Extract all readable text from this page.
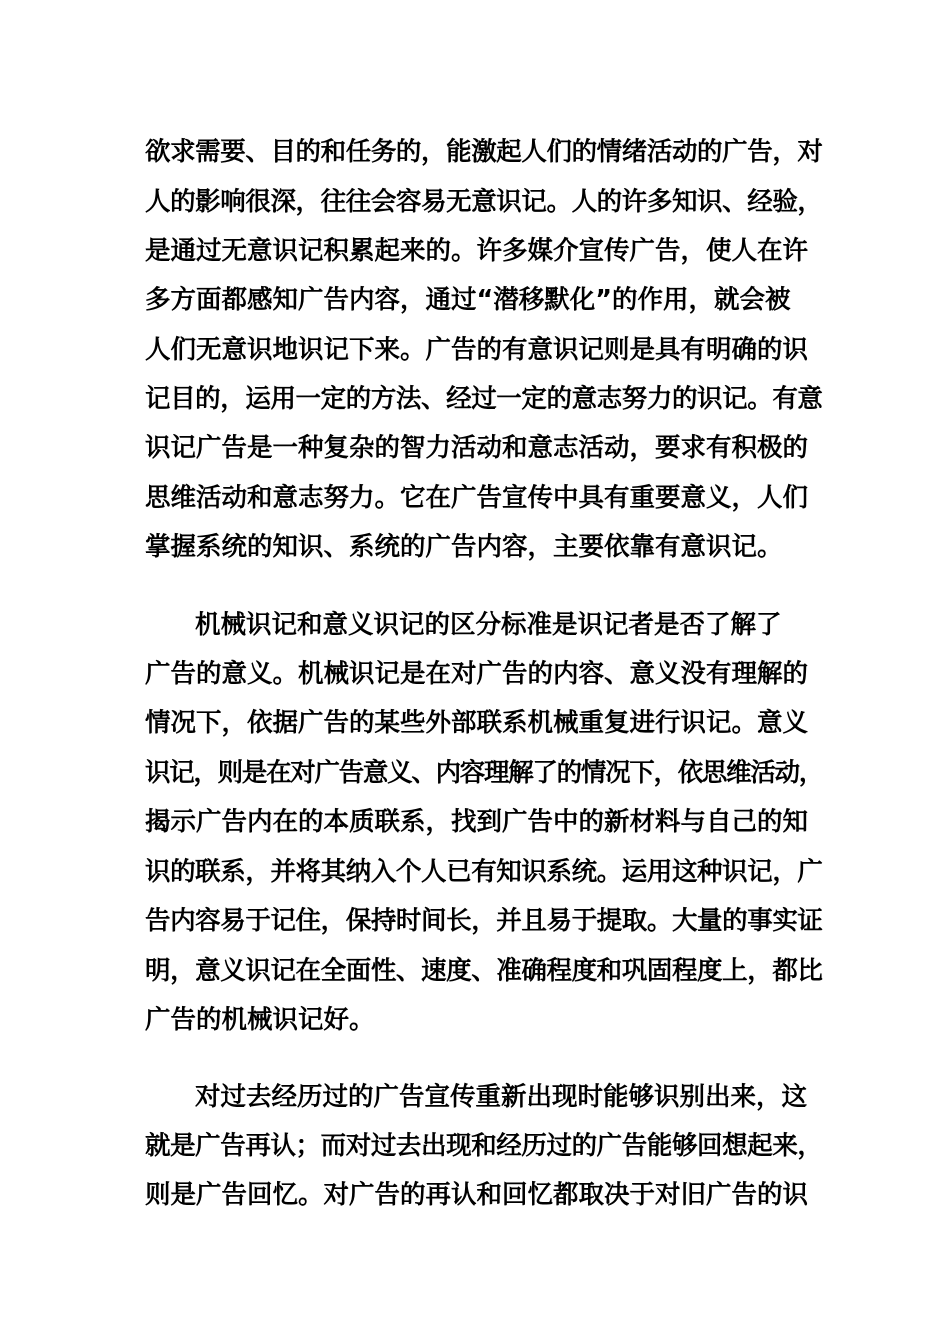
欲求需要、目的和任务的，能激起人们的情绪活动的广告，对
人的影响很深，往往会容易无意识记。人的许多知识、经验，
是通过无意识记积累起来的。许多媒介宣传广告，使人在许
多方面都感知广告内容，通过“潜移默化”的作用，就会被
人们无意识地识记下来。广告的有意识记则是具有明确的识
记目的，运用一定的方法、经过一定的意志努力的识记。有意
识记广告是一种复杂的智力活动和意志活动，要求有积极的
思维活动和意志努力。它在广告宣传中具有重要意义，人们
掌握系统的知识、系统的广告内容，主要依靠有意识记。
机械识记和意义识记的区分标准是识记者是否了解了
广告的意义。机械识记是在对广告的内容、意义没有理解的
情况下，依据广告的某些外部联系机械重复进行识记。意义
识记，则是在对广告意义、内容理解了的情况下，依思维活动，
揭示广告内在的本质联系，找到广告中的新材料与自己的知
识的联系，并将其纳入个人已有知识系统。运用这种识记，广
告内容易于记住，保持时间长，并且易于提取。大量的事实证
明，意义识记在全面性、速度、准确程度和巩固程度上，都比
广告的机械识记好。
对过去经历过的广告宣传重新出现时能够识别出来，这
就是广告再认；而对过去出现和经历过的广告能够回想起来，
则是广告回忆。对广告的再认和回忆都取决于对旧广告的识
